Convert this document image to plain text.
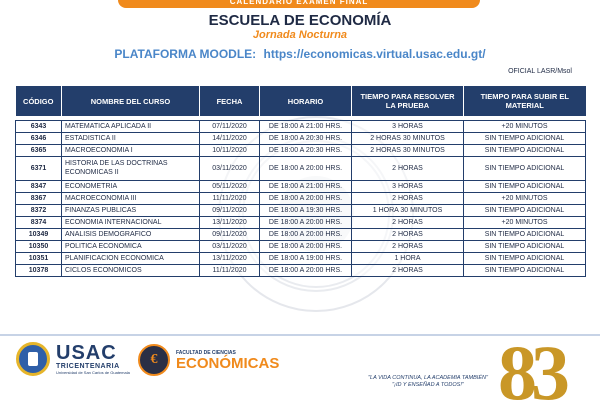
CALENDARIO EXAMEN FINAL
ESCUELA DE ECONOMÍA
Jornada Nocturna
PLATAFORMA MOODLE: https://economicas.virtual.usac.edu.gt/
OFICIAL LASR/Msol
CÓDIGO	NOMBRE DEL CURSO	FECHA	HORARIO	TIEMPO PARA RESOLVER LA PRUEBA	TIEMPO PARA SUBIR EL MATERIAL

6343	MATEMATICA APLICADA II	07/11/2020	DE 18:00 A 21:00 HRS.	3 HORAS	+20 MINUTOS
6346	ESTADISTICA II	14/11/2020	DE 18:00 A 20:30 HRS.	2 HORAS 30 MINUTOS	SIN TIEMPO ADICIONAL
6365	MACROECONOMIA I	10/11/2020	DE 18:00 A 20:30 HRS.	2 HORAS 30 MINUTOS	SIN TIEMPO ADICIONAL
6371	HISTORIA DE LAS DOCTRINAS ECONOMICAS II	03/11/2020	DE 18:00 A 20:00 HRS.	2 HORAS	SIN TIEMPO ADICIONAL
8347	ECONOMETRIA	05/11/2020	DE 18:00 A 21:00 HRS.	3 HORAS	SIN TIEMPO ADICIONAL
8367	MACROECONOMIA III	11/11/2020	DE 18:00 A 20:00 HRS.	2 HORAS	+20 MINUTOS
8372	FINANZAS PUBLICAS	09/11/2020	DE 18:00 A 19:30 HRS.	1 HORA 30 MINUTOS	SIN TIEMPO ADICIONAL
8374	ECONOMIA INTERNACIONAL	13/11/2020	DE 18:00 A 20:00 HRS.	2 HORAS	+20 MINUTOS
10349	ANALISIS DEMOGRAFICO	09/11/2020	DE 18:00 A 20:00 HRS.	2 HORAS	SIN TIEMPO ADICIONAL
10350	POLITICA ECONOMICA	03/11/2020	DE 18:00 A 20:00 HRS.	2 HORAS	SIN TIEMPO ADICIONAL
10351	PLANIFICACION ECONOMICA	13/11/2020	DE 18:00 A 19:00 HRS.	1 HORA	SIN TIEMPO ADICIONAL
10378	CICLOS ECONOMICOS	11/11/2020	DE 18:00 A 20:00 HRS.	2 HORAS	SIN TIEMPO ADICIONAL
USAC
TRICENTENARIA
Universidad de San Carlos de Guatemala
€	FACULTAD DE CIENCIAS
ECONÓMICAS
"LA VIDA CONTINUA, LA ACADEMIA TAMBIÉN" "¡ID Y ENSEÑAD A TODOS!" 83
